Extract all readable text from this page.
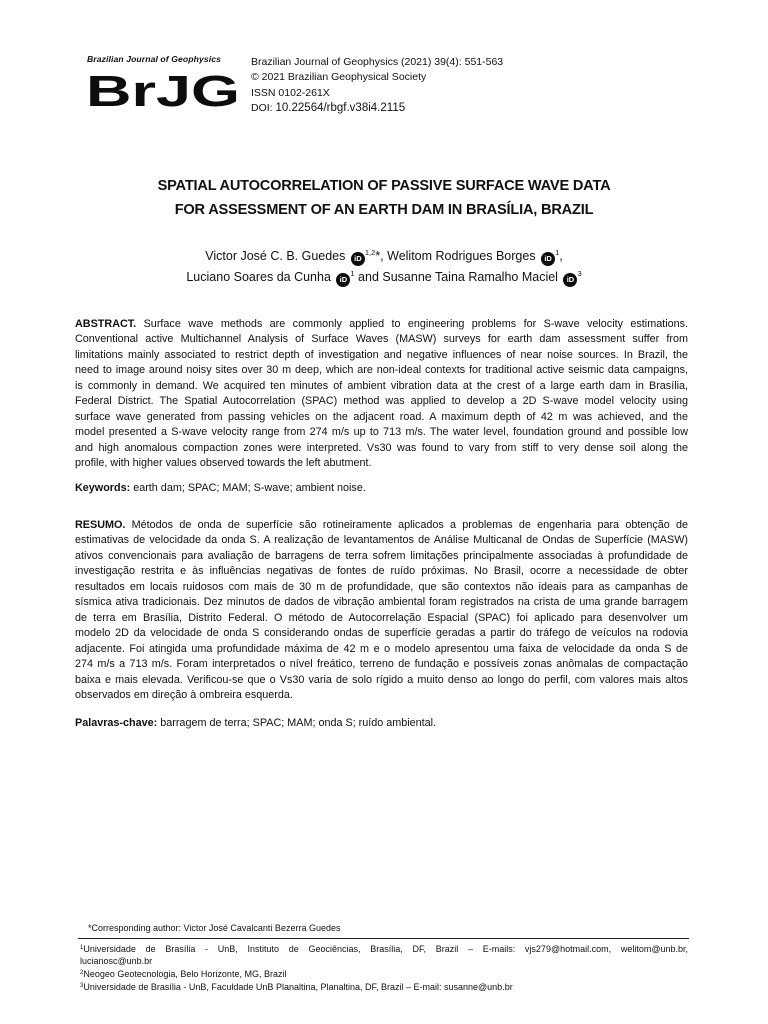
Brazilian Journal of Geophysics
BrJG
Brazilian Journal of Geophysics (2021) 39(4): 551-563
© 2021 Brazilian Geophysical Society
ISSN 0102-261X
DOI: 10.22564/rbgf.v38i4.2115
SPATIAL AUTOCORRELATION OF PASSIVE SURFACE WAVE DATA
FOR ASSESSMENT OF AN EARTH DAM IN BRASÍLIA, BRAZIL
Victor José C. B. Guedes iD$^{1,2}$*, Welitom Rodrigues Borges $iD^1$,
Luciano Soares da Cunha $iD^1$ and Susanne Taina Ramalho Maciel $iD^3$
ABSTRACT. Surface wave methods are commonly applied to engineering problems for S-wave velocity estimations.
Conventional active Multichannel Analysis of Surface Waves (MASW) surveys for earth dam assessment suffer from
limitations mainly associated to restrict depth of investigation and negative influences of near noise sources. In Brazil, the
need to image around noisy sites over 30 m deep, which are non-ideal contexts for traditional active seismic data campaigns,
is commonly in demand. We acquired ten minutes of ambient vibration data at the crest of a large earth dam in Brasília,
Federal District. The Spatial Autocorrelation (SPAC) method was applied to develop a 2D S-wave model velocity using
surface wave generated from passing vehicles on the adjacent road. A maximum depth of 42 m was achieved, and the
model presented a S-wave velocity range from 274 m/s up to 713 m/s. The water level, foundation ground and possible low
and high anomalous compaction zones were interpreted. Vs30 was found to vary from stiff to very dense soil along the
profile, with higher values observed towards the left abutment.
Keywords: earth dam; SPAC; MAM; S-wave; ambient noise.
RESUMO. Métodos de onda de superfície são rotineiramente aplicados a problemas de engenharia para obtenção de
estimativas de velocidade da onda S. A realização de levantamentos de Análise Multicanal de Ondas de Superfície (MASW)
ativos convencionais para avaliação de barragens de terra sofrem limitações principalmente associadas à profundidade de
investigação restrita e às influências negativas de fontes de ruído próximas. No Brasil, ocorre a necessidade de obter
resultados em locais ruidosos com mais de 30 m de profundidade, que são contextos não ideais para as campanhas de
sísmica ativa tradicionais. Dez minutos de dados de vibração ambiental foram registrados na crista de uma grande barragem
de terra em Brasília, Distrito Federal. O método de Autocorrelação Espacial (SPAC) foi aplicado para desenvolver um
modelo 2D da velocidade de onda S considerando ondas de superfície geradas a partir do tráfego de veículos na rodovia
adjacente. Foi atingida uma profundidade máxima de 42 m e o modelo apresentou uma faixa de velocidade da onda S de
274 m/s a 713 m/s. Foram interpretados o nível freático, terreno de fundação e possíveis zonas anômalas de compactação
baixa e mais elevada. Verificou-se que o Vs30 varia de solo rígido a muito denso ao longo do perfil, com valores mais altos
observados em direção à ombreira esquerda.
Palavras-chave: barragem de terra; SPAC; MAM; onda S; ruído ambiental.
*Corresponding author: Victor José Cavalcanti Bezerra Guedes
$^1$Universidade de Brasília - UnB, Instituto de Geociências, Brasília, DF, Brazil – E-mails: vjs279@hotmail.com, welitom@unb.br,
lucianosc@unb.br
$^2$Neogeo Geotecnologia, Belo Horizonte, MG, Brazil
$^3$Universidade de Brasília - UnB, Faculdade UnB Planaltina, Planaltina, DF, Brazil – E-mail: susanne@unb.br
